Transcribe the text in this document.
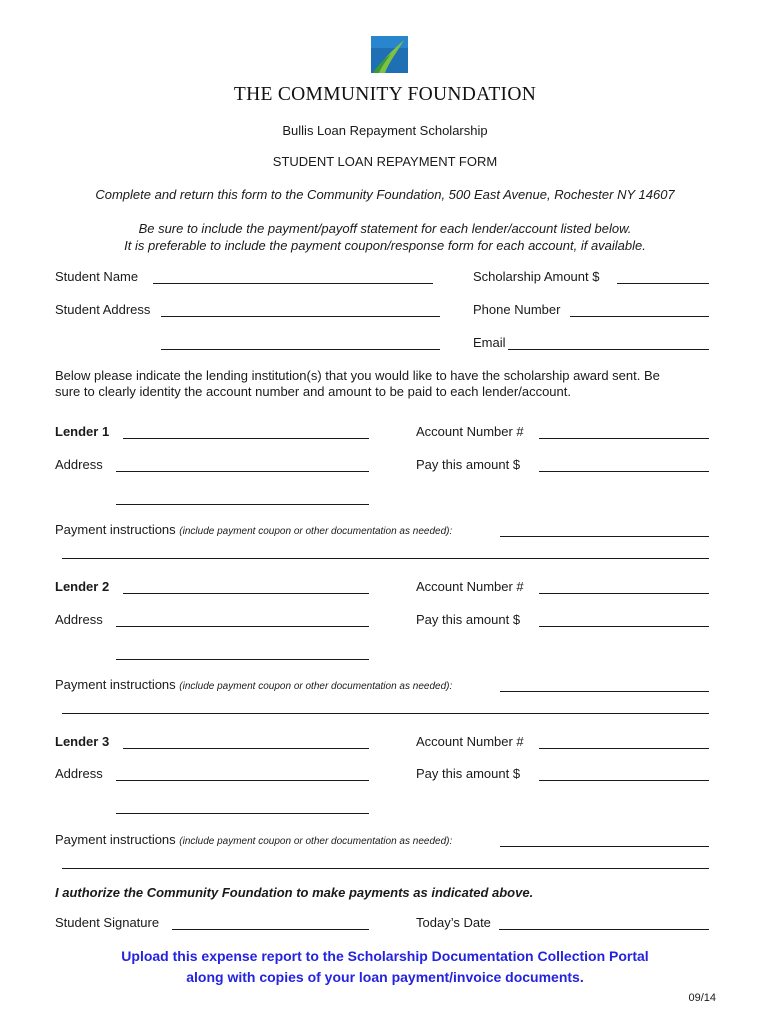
THE COMMUNITY FOUNDATION
Bullis Loan Repayment Scholarship
STUDENT LOAN REPAYMENT FORM
Complete and return this form to the Community Foundation, 500 East Avenue, Rochester NY 14607
Be sure to include the payment/payoff statement for each lender/account listed below.
It is preferable to include the payment coupon/response form for each account, if available.
Student Name	Scholarship Amount $
Student Address	Phone Number
Email
Below please indicate the lending institution(s) that you would like to have the scholarship award sent. Be
sure to clearly identity the account number and amount to be paid to each lender/account.
Lender 1	Account Number #
Address	Pay this amount $
Payment instructions (include payment coupon or other documentation as needed):
Lender 2	Account Number #
Address	Pay this amount $
Payment instructions (include payment coupon or other documentation as needed):
Lender 3	Account Number #
Address	Pay this amount $
Payment instructions (include payment coupon or other documentation as needed):
I authorize the Community Foundation to make payments as indicated above.
Student Signature	Today’s Date
Upload this expense report to the Scholarship Documentation Collection Portal
along with copies of your loan payment/invoice documents.
09/14
